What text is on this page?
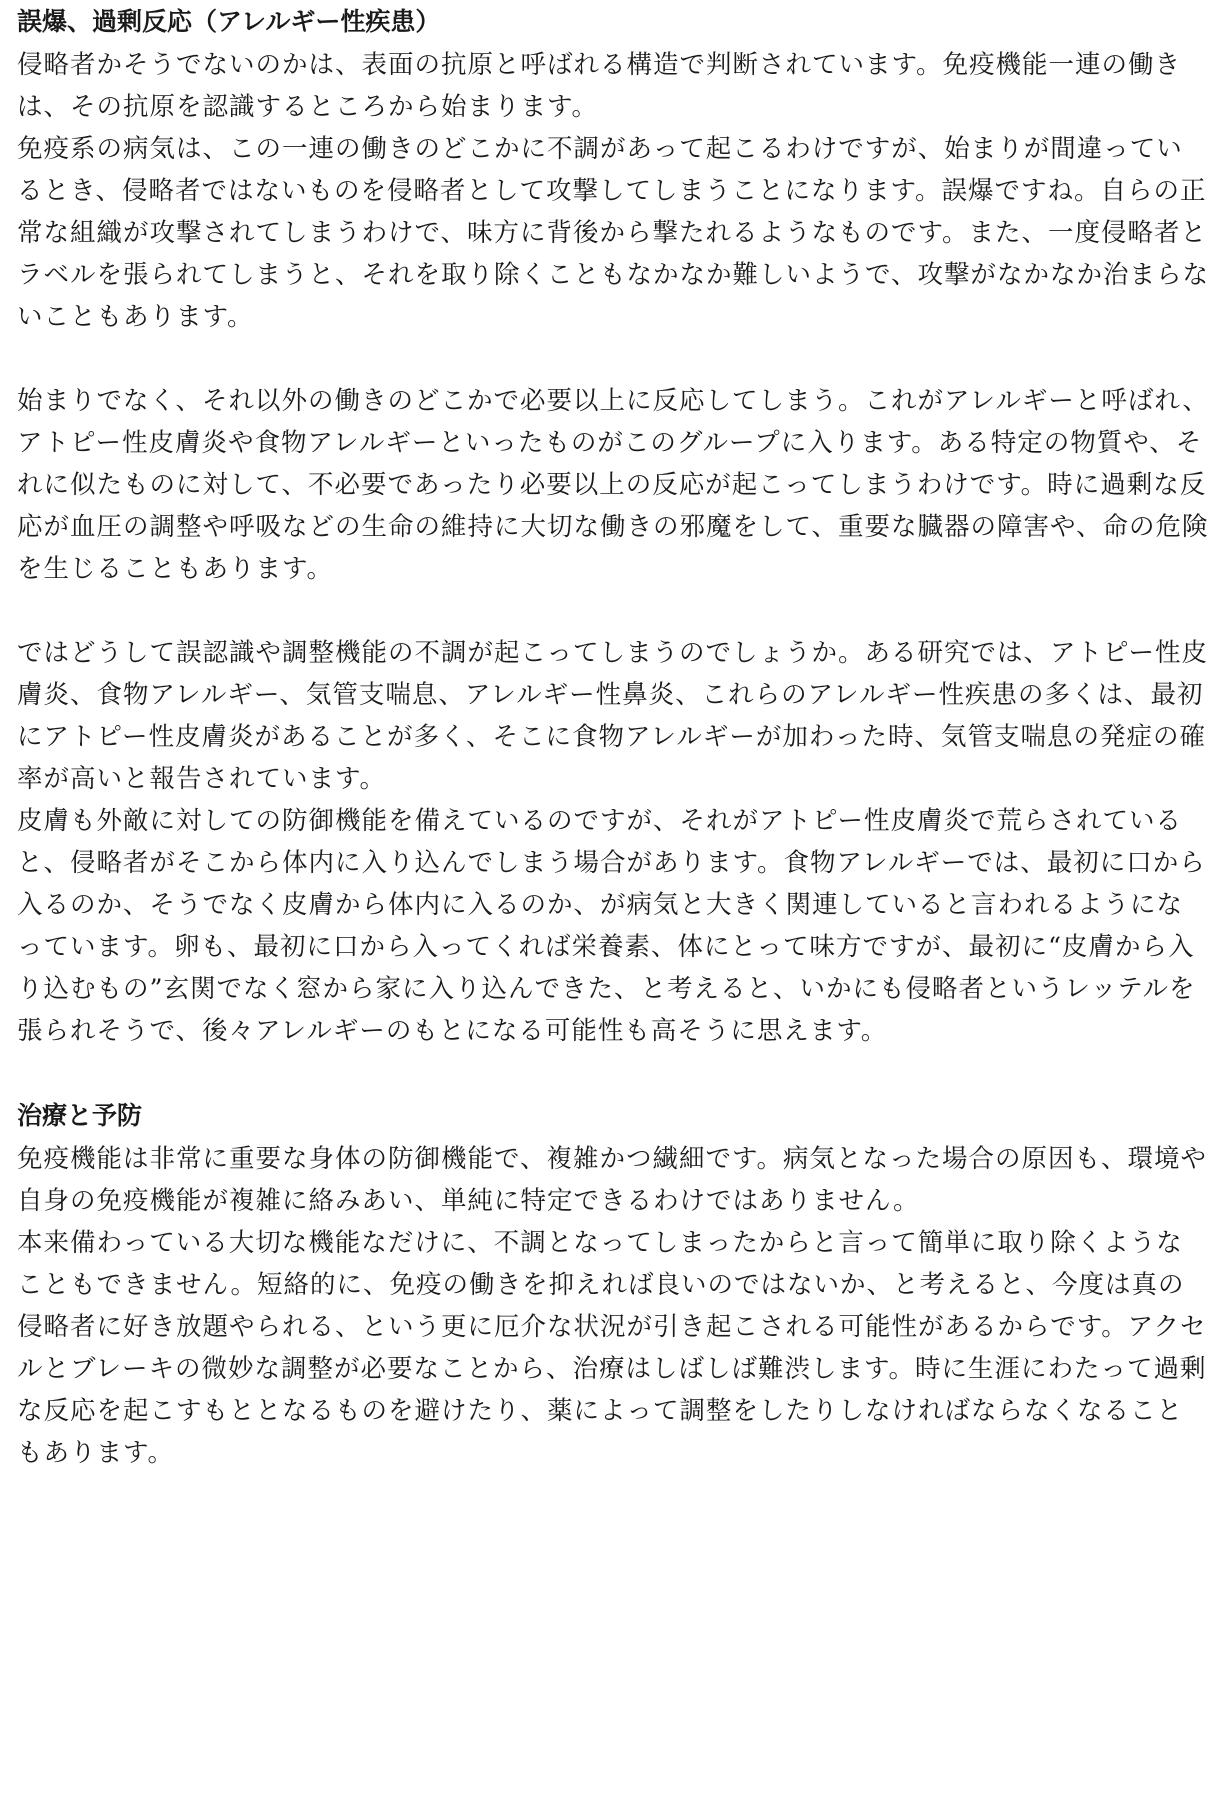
誤爆、過剰反応（アレルギー性疾患）

侵略者かそうでないのかは、表面の抗原と呼ばれる構造で判断されています。免疫機能一連の働きは、その抗原を認識するところから始まります。

免疫系の病気は、この一連の働きのどこかに不調があって起こるわけですが、始まりが間違っているとき、侵略者ではないものを侵略者として攻撃してしまうことになります。誤爆ですね。自らの正常な組織が攻撃されてしまうわけで、味方に背後から撃たれるようなものです。また、一度侵略者とラベルを張られてしまうと、それを取り除くこともなかなか難しいようで、攻撃がなかなか治まらないこともあります。

始まりでなく、それ以外の働きのどこかで必要以上に反応してしまう。これがアレルギーと呼ばれ、アトピー性皮膚炎や食物アレルギーといったものがこのグループに入ります。ある特定の物質や、それに似たものに対して、不必要であったり必要以上の反応が起こってしまうわけです。時に過剰な反応が血圧の調整や呼吸などの生命の維持に大切な働きの邪魔をして、重要な臓器の障害や、命の危険を生じることもあります。

ではどうして誤認識や調整機能の不調が起こってしまうのでしょうか。ある研究では、アトピー性皮膚炎、食物アレルギー、気管支喘息、アレルギー性鼻炎、これらのアレルギー性疾患の多くは、最初にアトピー性皮膚炎があることが多く、そこに食物アレルギーが加わった時、気管支喘息の発症の確率が高いと報告されています。

皮膚も外敵に対しての防御機能を備えているのですが、それがアトピー性皮膚炎で荒らされていると、侵略者がそこから体内に入り込んでしまう場合があります。食物アレルギーでは、最初に口から入るのか、そうでなく皮膚から体内に入るのか、が病気と大きく関連していると言われるようになっています。卵も、最初に口から入ってくれば栄養素、体にとって味方ですが、最初に“皮膚から入り込むもの”玄関でなく窓から家に入り込んできた、と考えると、いかにも侵略者というレッテルを張られそうで、後々アレルギーのもとになる可能性も高そうに思えます。

治療と予防

免疫機能は非常に重要な身体の防御機能で、複雑かつ繊細です。病気となった場合の原因も、環境や自身の免疫機能が複雑に絡みあい、単純に特定できるわけではありません。

本来備わっている大切な機能なだけに、不調となってしまったからと言って簡単に取り除くようなこともできません。短絡的に、免疫の働きを抑えれば良いのではないか、と考えると、今度は真の侵略者に好き放題やられる、という更に厄介な状況が引き起こされる可能性があるからです。アクセルとブレーキの微妙な調整が必要なことから、治療はしばしば難渋します。時に生涯にわたって過剰な反応を起こすもととなるものを避けたり、薬によって調整をしたりしなければならなくなることもあります。
